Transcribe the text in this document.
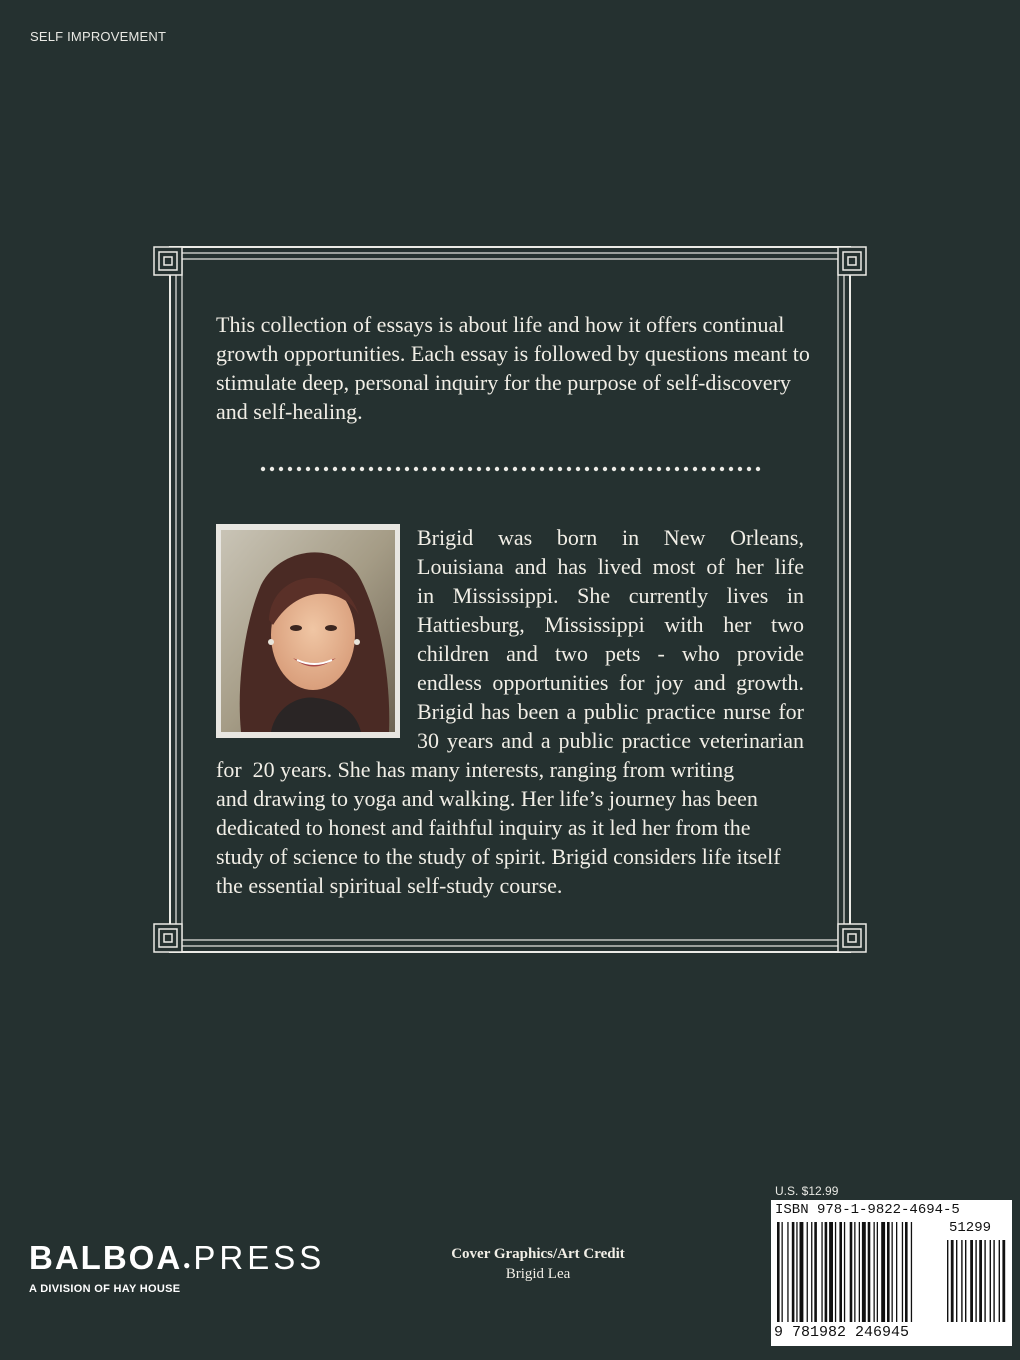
SELF IMPROVEMENT

This collection of essays is about life and how it offers continual growth opportunities. Each essay is followed by questions meant to stimulate deep, personal inquiry for the purpose of self-discovery and self-healing.

Brigid was born in New Orleans,

Louisiana and has lived most of her life

in Mississippi. She currently lives in

Hattiesburg, Mississippi with her two

children and two pets - who provide

endless opportunities for joy and growth.

Brigid has been a public practice nurse for

30 years and a public practice veterinarian

for  20 years. She has many interests, ranging from writing

and drawing to yoga and walking. Her life’s journey has been

dedicated to honest and faithful inquiry as it led her from the

study of science to the study of spirit. Brigid considers life itself

the essential spiritual self-study course.

BALBOA●PRESS
A DIVISION OF HAY HOUSE
Cover Graphics/Art Credit
Brigid Lea
U.S. $12.99
ISBN 978-1-9822-4694-5
51299
9 781982 246945
